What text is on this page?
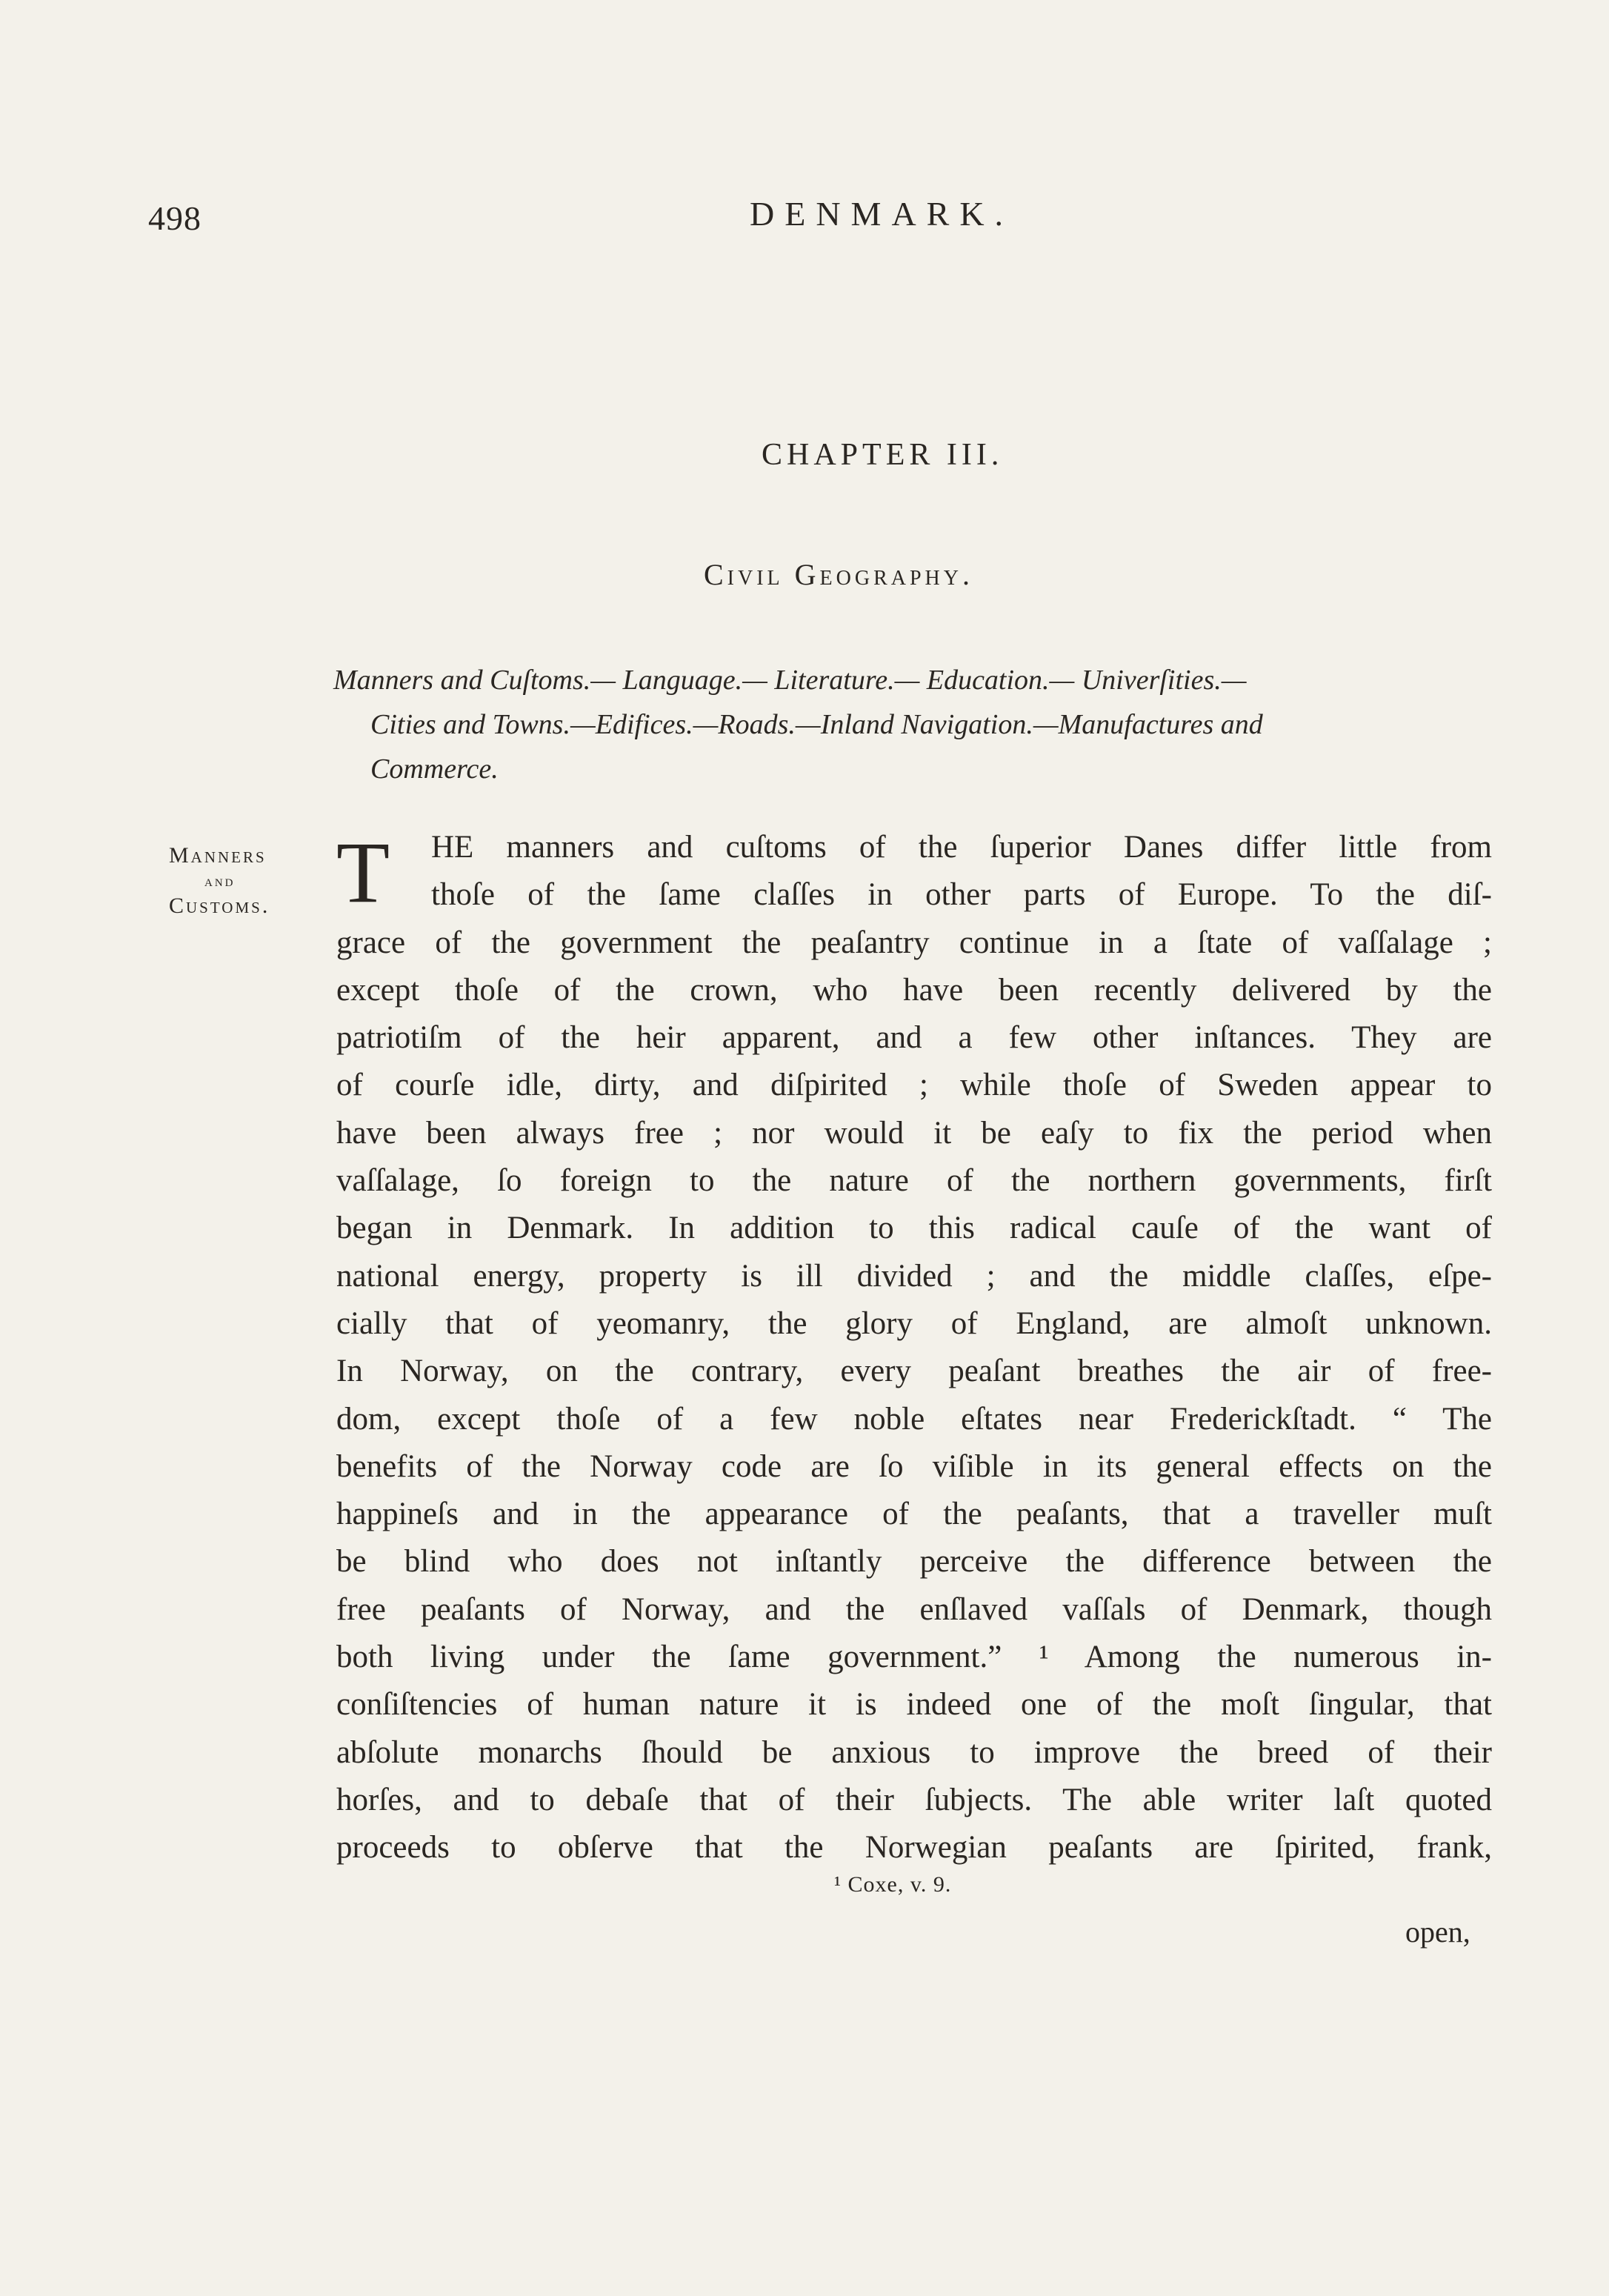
498	DENMARK.
CHAPTER III.
Civil Geography.
Manners and Cuſtoms.— Language.— Literature.— Education.— Univerſities.—
Cities and Towns.—Edifices.—Roads.—Inland Navigation.—Manufactures and
Commerce.
Manners
and
Customs. T	HE manners and cuſtoms of the ſuperior Danes differ little from
thoſe of the ſame claſſes in other parts of Europe. To the diſ-
grace of the government the peaſantry continue in a ſtate of vaſſalage ;
except thoſe of the crown, who have been recently delivered by the
patriotiſm of the heir apparent, and a few other inſtances. They are
of courſe idle, dirty, and diſpirited ; while thoſe of Sweden appear to
have been always free ; nor would it be eaſy to fix the period when
vaſſalage, ſo foreign to the nature of the northern governments, firſt
began in Denmark. In addition to this radical cauſe of the want of
national energy, property is ill divided ; and the middle claſſes, eſpe-
cially that of yeomanry, the glory of England, are almoſt unknown.
In Norway, on the contrary, every peaſant breathes the air of free-
dom, except thoſe of a few noble eſtates near Frederickſtadt. “ The
benefits of the Norway code are ſo viſible in its general effects on the
happineſs and in the appearance of the peaſants, that a traveller muſt
be blind who does not inſtantly perceive the difference between the
free peaſants of Norway, and the enſlaved vaſſals of Denmark, though
both living under the ſame government.” ¹ Among the numerous in-
conſiſtencies of human nature it is indeed one of the moſt ſingular, that
abſolute monarchs ſhould be anxious to improve the breed of their
horſes, and to debaſe that of their ſubjects. The able writer laſt quoted
proceeds to obſerve that the Norwegian peaſants are ſpirited, frank,
¹ Coxe, v. 9.
open,
